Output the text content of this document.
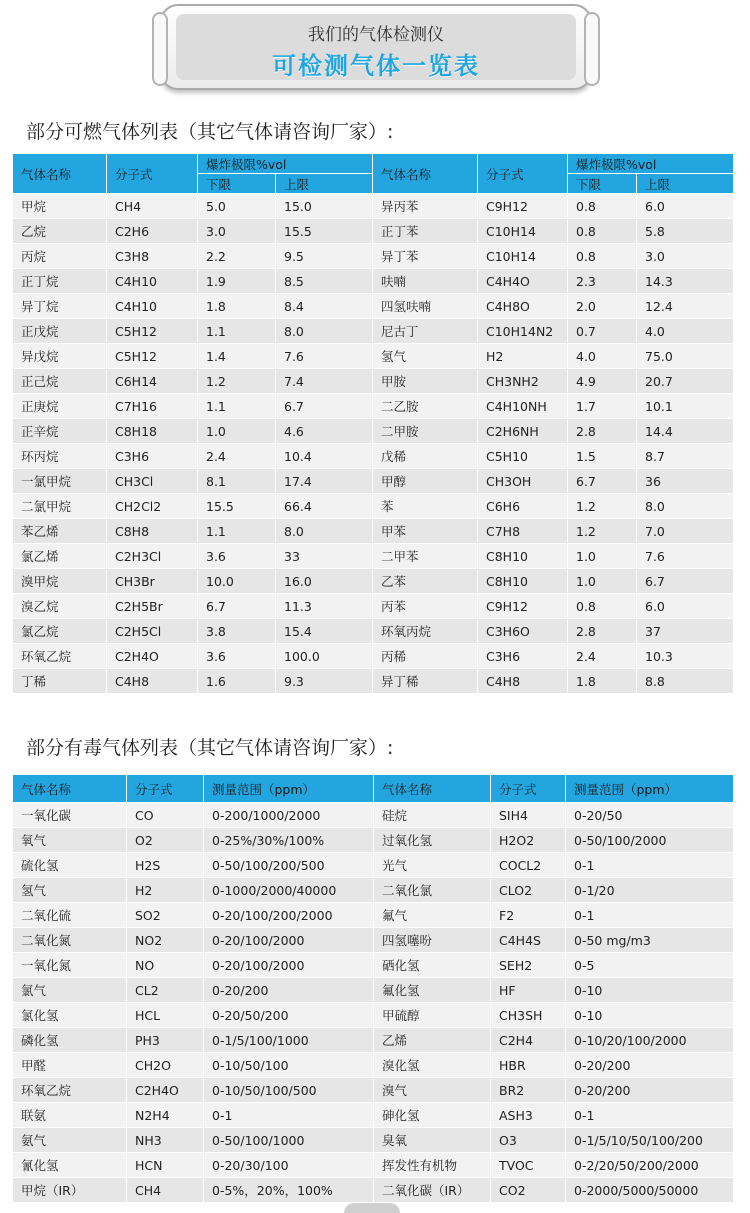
我们的气体检测仪
可检测气体一览表
部分可燃气体列表（其它气体请咨询厂家）:
气体名称	分子式	爆炸极限%vol		气体名称	分子式	爆炸极限%vol	
		下限	上限			下限	上限
甲烷	CH4	5.0	15.0	异丙苯	C9H12	0.8	6.0
乙烷	C2H6	3.0	15.5	正丁苯	C10H14	0.8	5.8
丙烷	C3H8	2.2	9.5	异丁苯	C10H14	0.8	3.0
正丁烷	C4H10	1.9	8.5	呋喃	C4H4O	2.3	14.3
异丁烷	C4H10	1.8	8.4	四氢呋喃	C4H8O	2.0	12.4
正戊烷	C5H12	1.1	8.0	尼古丁	C10H14N2	0.7	4.0
异戊烷	C5H12	1.4	7.6	氢气	H2	4.0	75.0
正己烷	C6H14	1.2	7.4	甲胺	CH3NH2	4.9	20.7
正庚烷	C7H16	1.1	6.7	二乙胺	C4H10NH	1.7	10.1
正辛烷	C8H18	1.0	4.6	二甲胺	C2H6NH	2.8	14.4
环丙烷	C3H6	2.4	10.4	戊稀	C5H10	1.5	8.7
一氯甲烷	CH3Cl	8.1	17.4	甲醇	CH3OH	6.7	36
二氯甲烷	CH2Cl2	15.5	66.4	苯	C6H6	1.2	8.0
苯乙烯	C8H8	1.1	8.0	甲苯	C7H8	1.2	7.0
氯乙烯	C2H3Cl	3.6	33	二甲苯	C8H10	1.0	7.6
溴甲烷	CH3Br	10.0	16.0	乙苯	C8H10	1.0	6.7
溴乙烷	C2H5Br	6.7	11.3	丙苯	C9H12	0.8	6.0
氯乙烷	C2H5Cl	3.8	15.4	环氧丙烷	C3H6O	2.8	37
环氧乙烷	C2H4O	3.6	100.0	丙稀	C3H6	2.4	10.3
丁稀	C4H8	1.6	9.3	异丁稀	C4H8	1.8	8.8
部分有毒气体列表（其它气体请咨询厂家）:
气体名称	分子式	测量范围（ppm）	气体名称	分子式	测量范围（ppm）
一氧化碳	CO	0-200/1000/2000	硅烷	SIH4	0-20/50
氧气	O2	0-25%/30%/100%	过氧化氢	H2O2	0-50/100/2000
硫化氢	H2S	0-50/100/200/500	光气	COCL2	0-1
氢气	H2	0-1000/2000/40000	二氧化氯	CLO2	0-1/20
二氧化硫	SO2	0-20/100/200/2000	氟气	F2	0-1
二氧化氮	NO2	0-20/100/2000	四氢噻吩	C4H4S	0-50 mg/m3
一氧化氮	NO	0-20/100/2000	硒化氢	SEH2	0-5
氯气	CL2	0-20/200	氟化氢	HF	0-10
氯化氢	HCL	0-20/50/200	甲硫醇	CH3SH	0-10
磷化氢	PH3	0-1/5/100/1000	乙烯	C2H4	0-10/20/100/2000
甲醛	CH2O	0-10/50/100	溴化氢	HBR	0-20/200
环氧乙烷	C2H4O	0-10/50/100/500	溴气	BR2	0-20/200
联氨	N2H4	0-1	砷化氢	ASH3	0-1
氨气	NH3	0-50/100/1000	臭氧	O3	0-1/5/10/50/100/200
氰化氢	HCN	0-20/30/100	挥发性有机物	TVOC	0-2/20/50/200/2000
甲烷（IR）	CH4	0-5%，20%，100%	二氧化碳（IR）	CO2	0-2000/5000/50000
